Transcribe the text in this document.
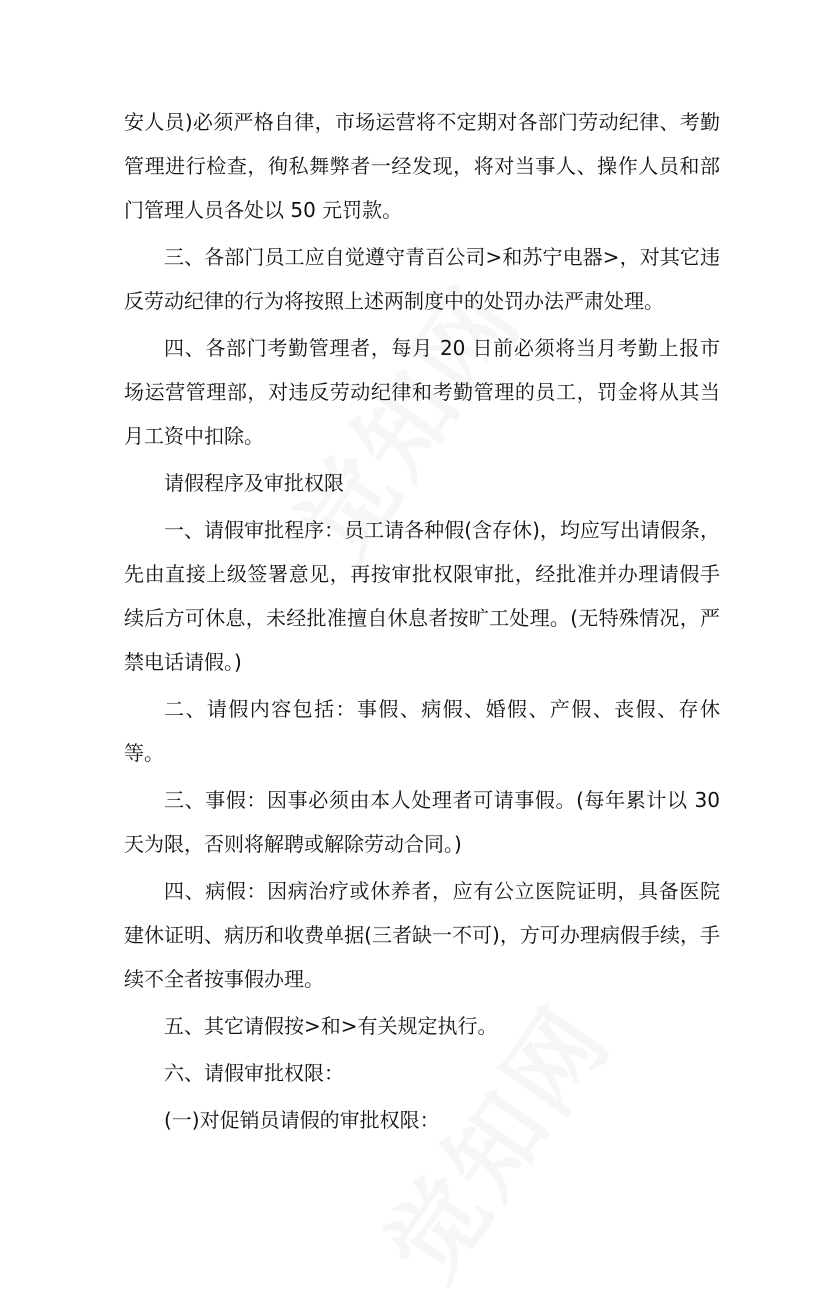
安人员)必须严格自律，市场运营将不定期对各部门劳动纪律、考勤管理进行检查，徇私舞弊者一经发现，将对当事人、操作人员和部门管理人员各处以 50 元罚款。

三、各部门员工应自觉遵守青百公司>和苏宁电器>，对其它违反劳动纪律的行为将按照上述两制度中的处罚办法严肃处理。

四、各部门考勤管理者，每月 20 日前必须将当月考勤上报市场运营管理部，对违反劳动纪律和考勤管理的员工，罚金将从其当月工资中扣除。

请假程序及审批权限

一、请假审批程序：员工请各种假(含存休)，均应写出请假条，先由直接上级签署意见，再按审批权限审批，经批准并办理请假手续后方可休息，未经批准擅自休息者按旷工处理。(无特殊情况，严禁电话请假。)

二、请假内容包括：事假、病假、婚假、产假、丧假、存休等。

三、事假：因事必须由本人处理者可请事假。(每年累计以 30 天为限，否则将解聘或解除劳动合同。)

四、病假：因病治疗或休养者，应有公立医院证明，具备医院建休证明、病历和收费单据(三者缺一不可)，方可办理病假手续，手续不全者按事假办理。

五、其它请假按>和>有关规定执行。

六、请假审批权限：

(一)对促销员请假的审批权限：
